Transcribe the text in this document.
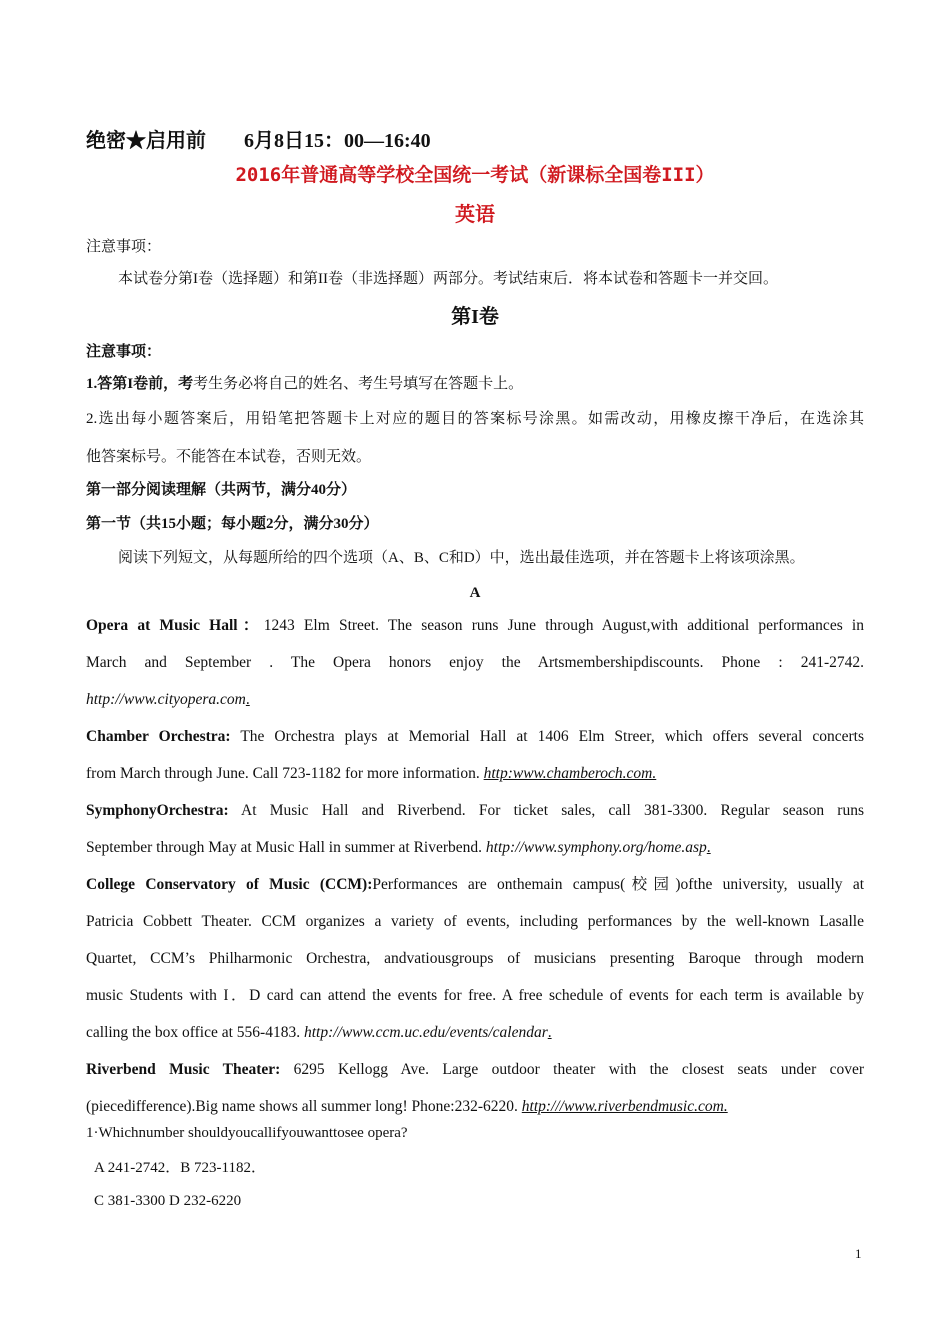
绝密★启用前 6月8日15：00—16:40
2016年普通高等学校全国统一考试（新课标全国卷III）
英语
注意事项：
本试卷分第I卷（选择题）和第II卷（非选择题）两部分。考试结束后．将本试卷和答题卡一并交回。
第I卷
注意事项：
1.答第I卷前，考考生务必将自己的姓名、考生号填写在答题卡上。
2.选出每小题答案后，用铅笔把答题卡上对应的题目的答案标号涂黑。如需改动，用橡皮擦干净后，在选涂其
他答案标号。不能答在本试卷，否则无效。
第一部分阅读理解（共两节，满分40分）
第一节（共15小题；每小题2分，满分30分）
阅读下列短文，从每题所给的四个选项（A、B、C和D）中，选出最佳选项，并在答题卡上将该项涂黑。
A
Opera at Music Hall：1243 Elm Street. The season runs June through August,with additional performances in
March and September . The Opera honors enjoy the Artsmembershipdiscounts. Phone : 241-2742.
http://www.cityopera.com.
Chamber Orchestra: The Orchestra plays at Memorial Hall at 1406 Elm Streer, which offers several concerts
from March through June. Call 723-1182 for more information. http:www.chamberoch.com.
SymphonyOrchestra: At Music Hall and Riverbend. For ticket sales, call 381-3300. Regular season runs
September through May at Music Hall in summer at Riverbend. http://www.symphony.org/home.asp.
College Conservatory of Music (CCM):Performances are onthemain campus(校园)ofthe university, usually at
Patricia Cobbett Theater. CCM organizes a variety of events, including performances by the well-known Lasalle
Quartet, CCM’s Philharmonic Orchestra, andvatiousgroups of musicians presenting Baroque through modern
music Students with I．D card can attend the events for free. A free schedule of events for each term is available by
calling the box office at 556-4183. http://www.ccm.uc.edu/events/calendar.
Riverbend Music Theater: 6295 Kellogg Ave. Large outdoor theater with the closest seats under cover
(piecedifference).Big name shows all summer long! Phone:232-6220. http:///www.riverbendmusic.com.
1·Whichnumber shouldyoucallifyouwanttosee opera?
A 241-2742．B 723-1182．
C 381-3300 D 232-6220
1
